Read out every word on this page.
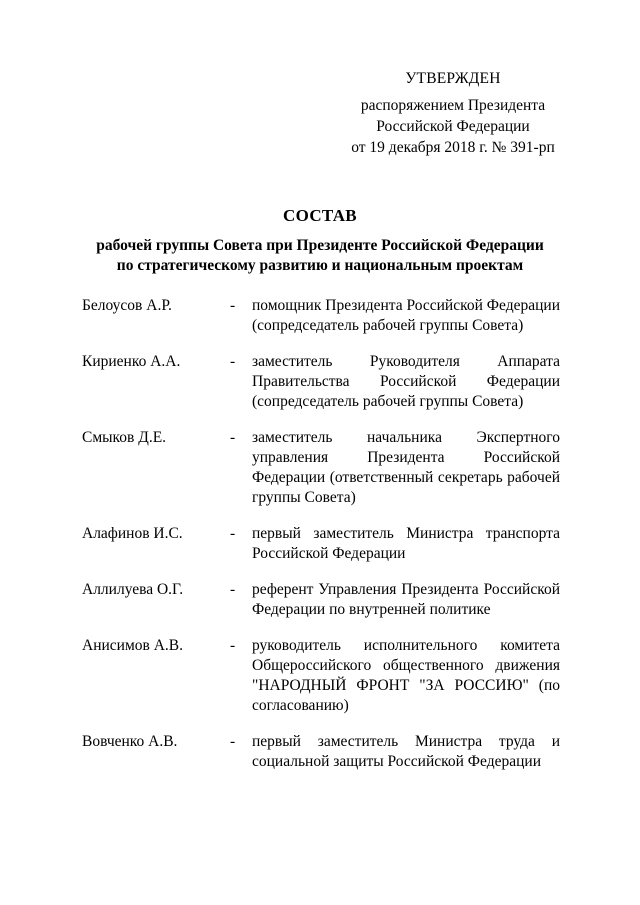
УТВЕРЖДЕН
распоряжением Президента
Российской Федерации
от 19 декабря 2018 г. № 391-рп
СОСТАВ
рабочей группы Совета при Президенте Российской Федерации
по стратегическому развитию и национальным проектам
Белоусов А.Р.	-	помощник Президента Российской Федерации (сопредседатель рабочей группы Совета)
Кириенко А.А.	-	заместитель Руководителя Аппарата Правительства Российской Федерации (сопредседатель рабочей группы Совета)
Смыков Д.Е.	-	заместитель начальника Экспертного управления Президента Российской Федерации (ответственный секретарь рабочей группы Совета)
Алафинов И.С.	-	первый заместитель Министра транспорта Российской Федерации
Аллилуева О.Г.	-	референт Управления Президента Российской Федерации по внутренней политике
Анисимов А.В.	-	руководитель исполнительного комитета Общероссийского общественного движения "НАРОДНЫЙ ФРОНТ "ЗА РОССИЮ" (по согласованию)
Вовченко А.В.	-	первый заместитель Министра труда и социальной защиты Российской Федерации
